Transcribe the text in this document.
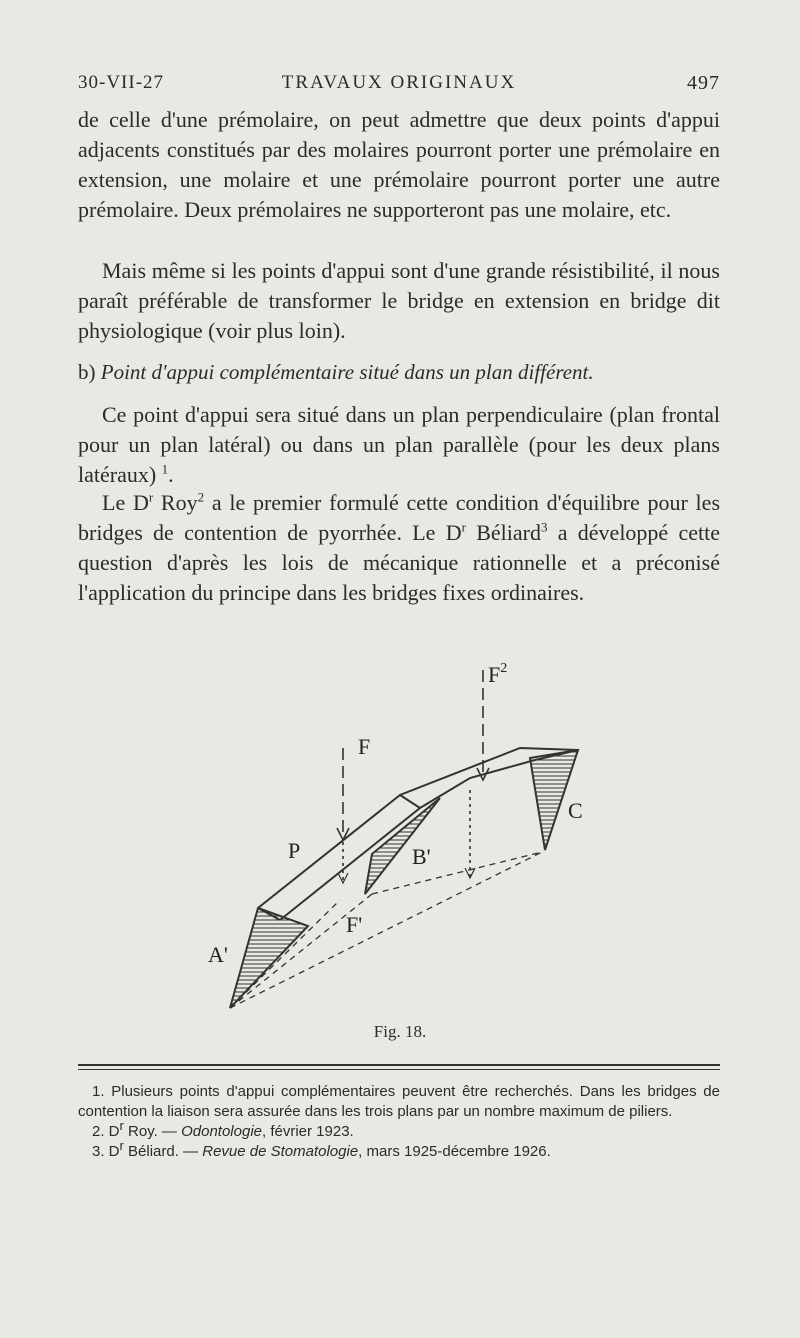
30-VII-27	TRAVAUX ORIGINAUX	497

de celle d'une prémolaire, on peut admettre que deux points d'appui adjacents constitués par des molaires pourront porter une prémolaire en extension, une molaire et une prémolaire pourront porter une autre prémolaire. Deux prémolaires ne supporteront pas une molaire, etc.

Mais même si les points d'appui sont d'une grande résistibilité, il nous paraît préférable de transformer le bridge en extension en bridge dit physiologique (voir plus loin).

b) Point d'appui complémentaire situé dans un plan différent.

Ce point d'appui sera situé dans un plan perpendiculaire (plan frontal pour un plan latéral) ou dans un plan parallèle (pour les deux plans latéraux) $^1$.

Le $D^r$ Roy$^2$ a le premier formulé cette condition d'équilibre pour les bridges de contention de pyorrhée. Le $D^r$ Béliard$^3$ a développé cette question d'après les lois de mécanique rationnelle et a préconisé l'application du principe dans les bridges fixes ordinaires.

$F^2$
F
P	B'
C
F'
A'
Fig. 18.

1. Plusieurs points d'appui complémentaires peuvent être recherchés. Dans les bridges de contention la liaison sera assurée dans les trois plans par un nombre maximum de piliers.

2. $D^r$ Roy. — Odontologie, février 1923.

3. $D^r$ Béliard. — Revue de Stomatologie, mars 1925-décembre 1926.
